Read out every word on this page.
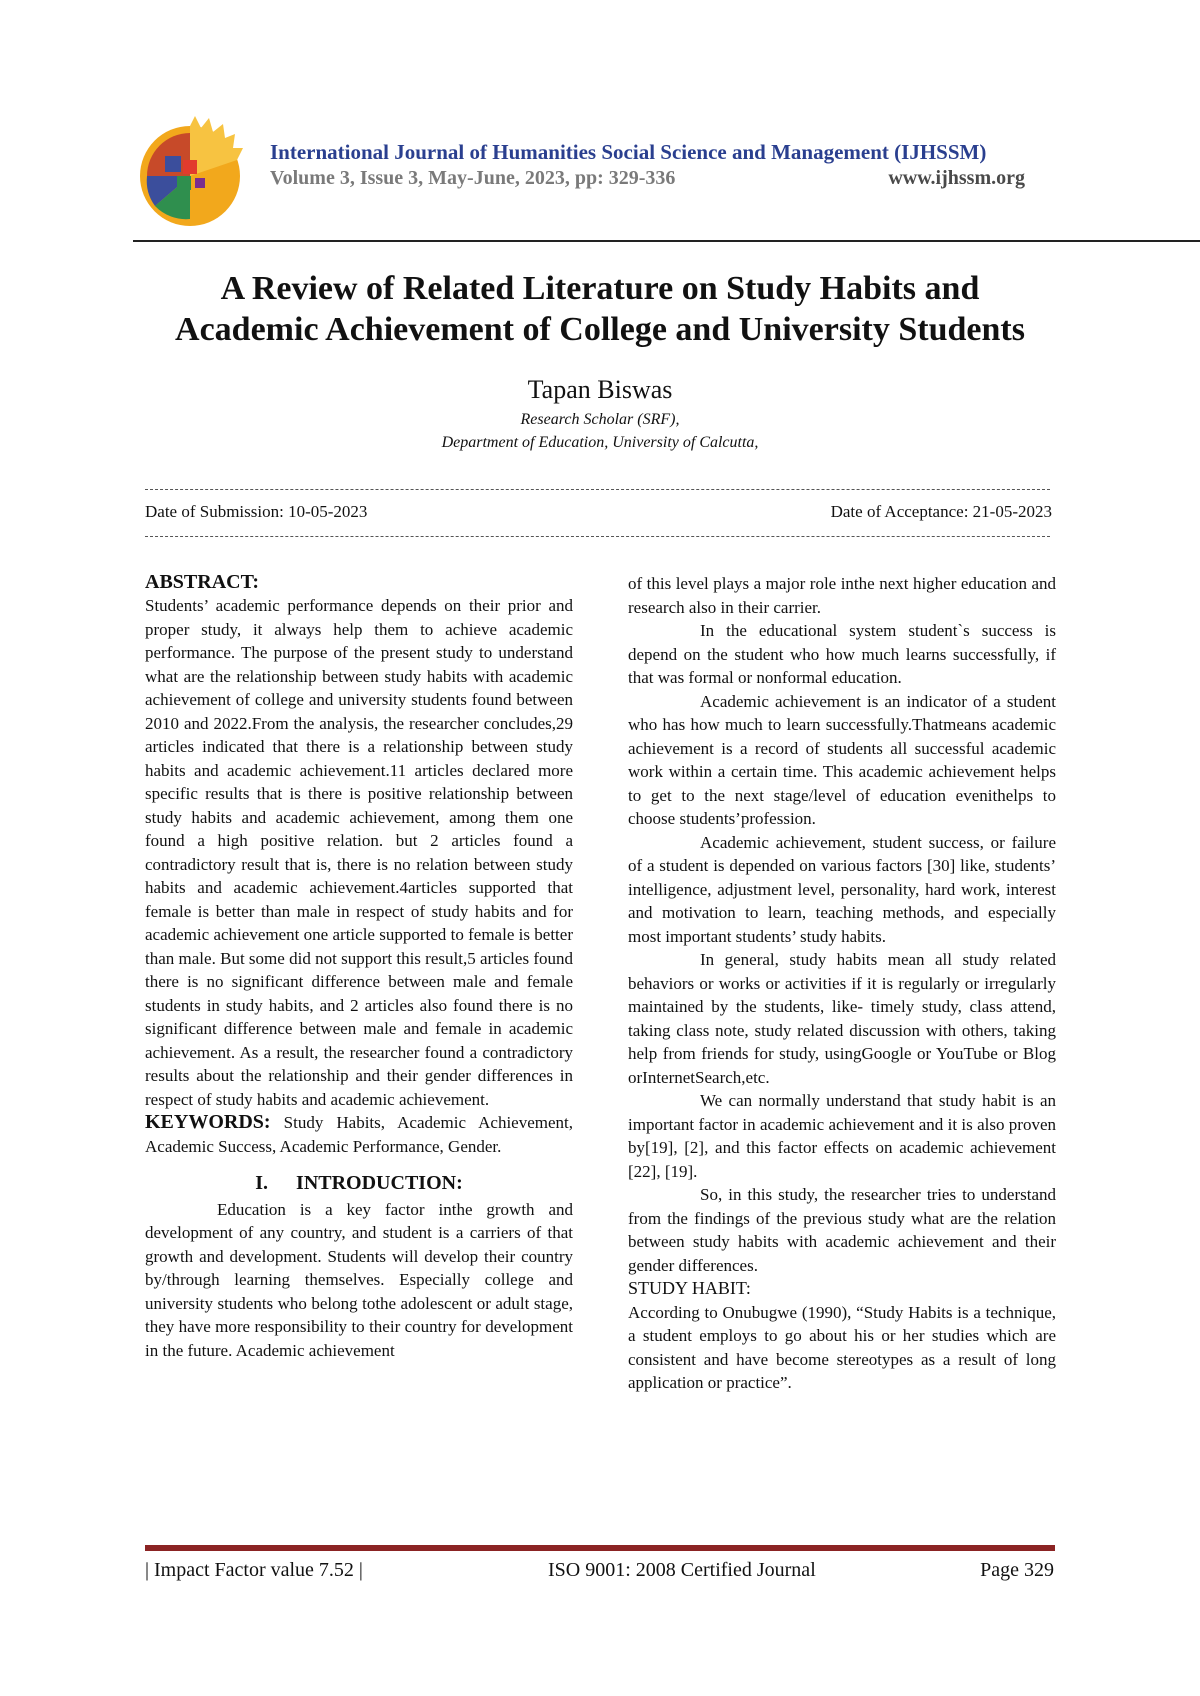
International Journal of Humanities Social Science and Management (IJHSSM)
Volume 3, Issue 3, May-June, 2023, pp: 329-336	www.ijhssm.org
A Review of Related Literature on Study Habits and
Academic Achievement of College and University Students
Tapan Biswas
Research Scholar (SRF),
Department of Education, University of Calcutta,
Date of Submission: 10-05-2023	Date of Acceptance: 21-05-2023

ABSTRACT:

Students’ academic performance depends on their prior and proper study, it always help them to achieve academic performance. The purpose of the present study to understand what are the relationship between study habits with academic achievement of college and university students found between 2010 and 2022.From the analysis, the researcher concludes,29 articles indicated that there is a relationship between study habits and academic achievement.11 articles declared more specific results that is there is positive relationship between study habits and academic achievement, among them one found a high positive relation. but 2 articles found a contradictory result that is, there is no relation between study habits and academic achievement.4articles supported that female is better than male in respect of study habits and for academic achievement one article supported to female is better than male. But some did not support this result,5 articles found there is no significant difference between male and female students in study habits, and 2 articles also found there is no significant difference between male and female in academic achievement. As a result, the researcher found a contradictory results about the relationship and their gender differences in respect of study habits and academic achievement.

KEYWORDS: Study Habits, Academic Achievement, Academic Success, Academic Performance, Gender.

I. INTRODUCTION:

Education is a key factor inthe growth and development of any country, and student is a carriers of that growth and development. Students will develop their country by/through learning themselves. Especially college and university students who belong tothe adolescent or adult stage, they have more responsibility to their country for development in the future. Academic achievement

of this level plays a major role inthe next higher education and research also in their carrier.

In the educational system student`s success is depend on the student who how much learns successfully, if that was formal or nonformal education.

Academic achievement is an indicator of a student who has how much to learn successfully.Thatmeans academic achievement is a record of students all successful academic work within a certain time. This academic achievement helps to get to the next stage/level of education evenithelps to choose students’profession.

Academic achievement, student success, or failure of a student is depended on various factors [30] like, students’ intelligence, adjustment level, personality, hard work, interest and motivation to learn, teaching methods, and especially most important students’ study habits.

In general, study habits mean all study related behaviors or works or activities if it is regularly or irregularly maintained by the students, like- timely study, class attend, taking class note, study related discussion with others, taking help from friends for study, usingGoogle or YouTube or Blog orInternetSearch,etc.

We can normally understand that study habit is an important factor in academic achievement and it is also proven by[19], [2], and this factor effects on academic achievement [22], [19].

So, in this study, the researcher tries to understand from the findings of the previous study what are the relation between study habits with academic achievement and their gender differences.

STUDY HABIT:

According to Onubugwe (1990), “Study Habits is a technique, a student employs to go about his or her studies which are consistent and have become stereotypes as a result of long application or practice”.

| Impact Factor value 7.52 |	ISO 9001: 2008 Certified Journal	Page 329
